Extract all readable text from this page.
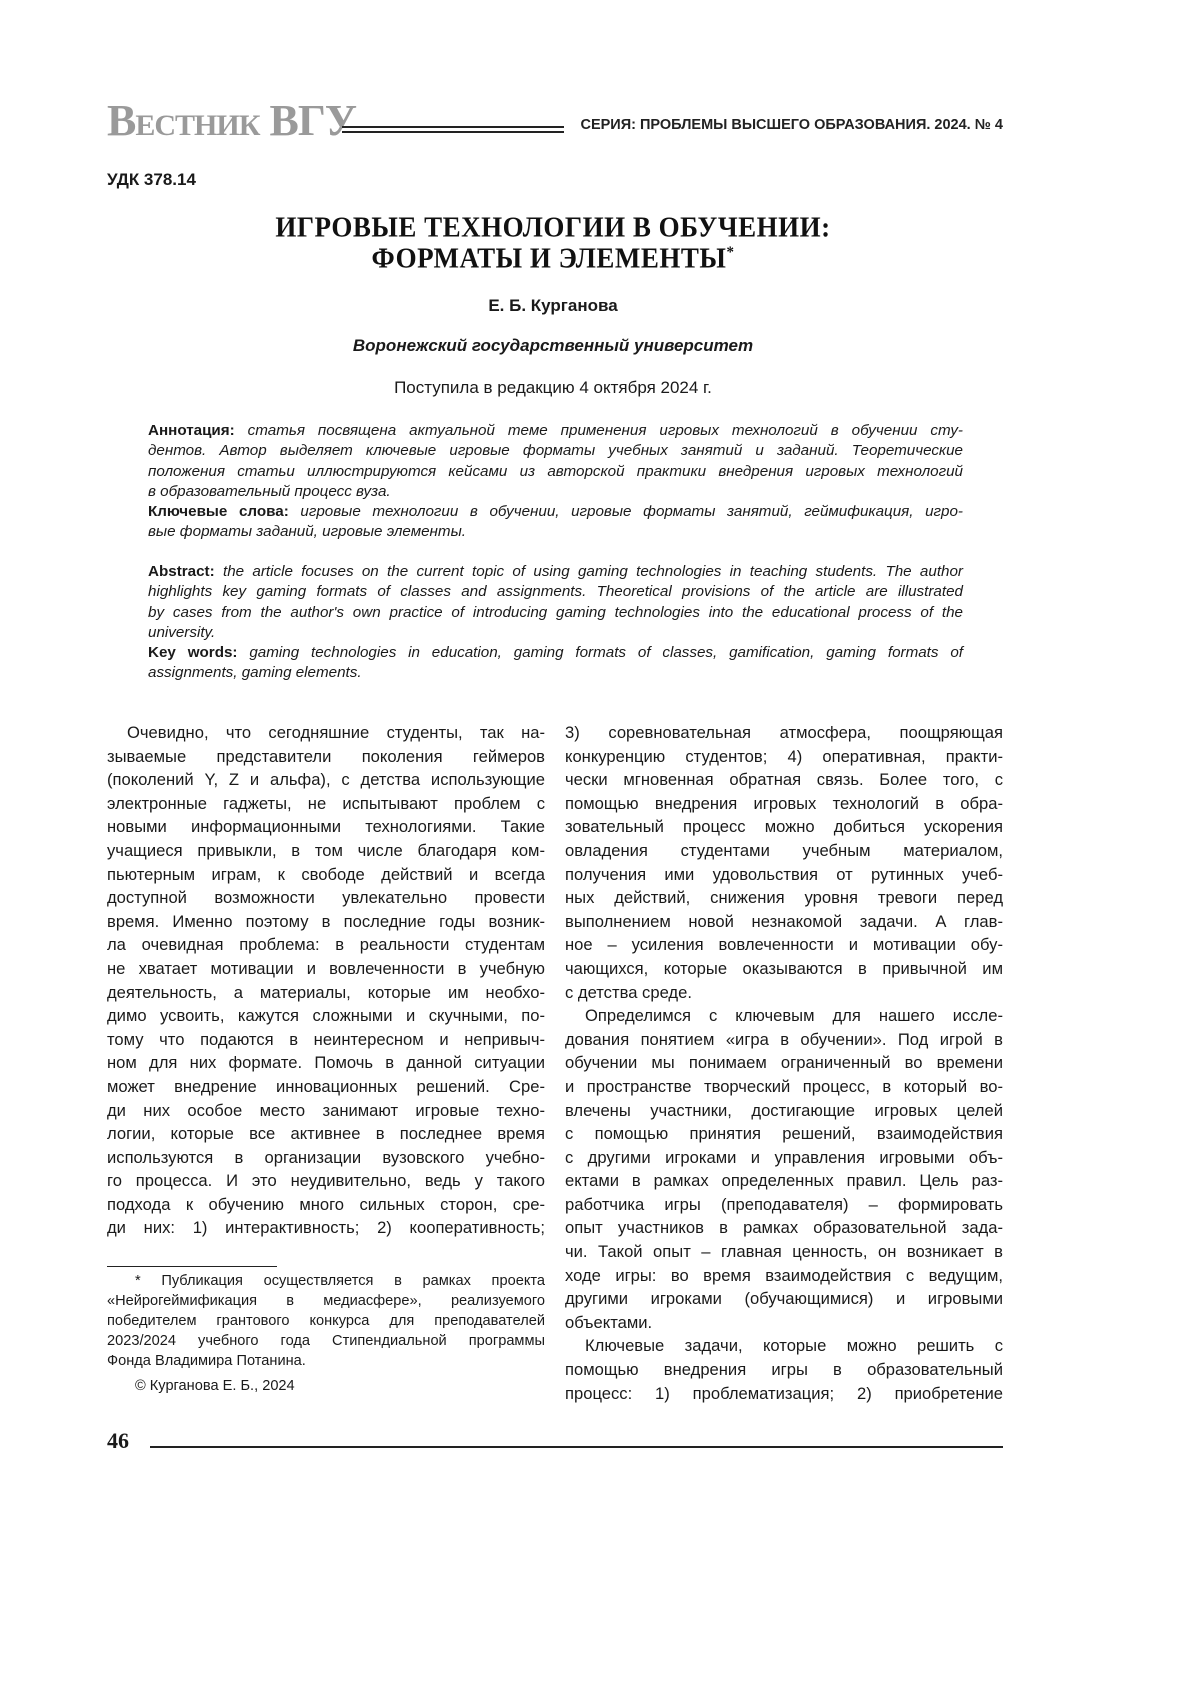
ВЕСТНИК ВГУ	СЕРИЯ: ПРОБЛЕМЫ ВЫСШЕГО ОБРАЗОВАНИЯ. 2024. № 4
УДК 378.14
ИГРОВЫЕ ТЕХНОЛОГИИ В ОБУЧЕНИИ:
ФОРМАТЫ И ЭЛЕМЕНТЫ*
Е. Б. Курганова
Воронежский государственный университет
Поступила в редакцию 4 октября 2024 г.
Аннотация: статья посвящена актуальной теме применения игровых технологий в обучении сту-
дентов. Автор выделяет ключевые игровые форматы учебных занятий и заданий. Теоретические
положения статьи иллюстрируются кейсами из авторской практики внедрения игровых технологий
в образовательный процесс вуза.
Ключевые слова: игровые технологии в обучении, игровые форматы занятий, геймификация, игро-
вые форматы заданий, игровые элементы.
Abstract: the article focuses on the current topic of using gaming technologies in teaching students. The author
highlights key gaming formats of classes and assignments. Theoretical provisions of the article are illustrated
by cases from the author's own practice of introducing gaming technologies into the educational process of the
university.
Key words: gaming technologies in education, gaming formats of classes, gamification, gaming formats of
assignments, gaming elements.
Очевидно, что сегодняшние студенты, так на-
зываемые представители поколения геймеров
(поколений Y, Z и альфа), с детства использующие
электронные гаджеты, не испытывают проблем с
новыми информационными технологиями. Такие
учащиеся привыкли, в том числе благодаря ком-
пьютерным играм, к свободе действий и всегда
доступной возможности увлекательно провести
время. Именно поэтому в последние годы возник-
ла очевидная проблема: в реальности студентам
не хватает мотивации и вовлеченности в учебную
деятельность, а материалы, которые им необхо-
димо усвоить, кажутся сложными и скучными, по-
тому что подаются в неинтересном и непривыч-
ном для них формате. Помочь в данной ситуации
может внедрение инновационных решений. Сре-
ди них особое место занимают игровые техно-
логии, которые все активнее в последнее время
используются в организации вузовского учебно-
го процесса. И это неудивительно, ведь у такого
подхода к обучению много сильных сторон, сре-
ди них: 1) интерактивность; 2) кооперативность;
3) соревновательная атмосфера, поощряющая
конкуренцию студентов; 4) оперативная, практи-
чески мгновенная обратная связь. Более того, с
помощью внедрения игровых технологий в обра-
зовательный процесс можно добиться ускорения
овладения студентами учебным материалом,
получения ими удовольствия от рутинных учеб-
ных действий, снижения уровня тревоги перед
выполнением новой незнакомой задачи. А глав-
ное – усиления вовлеченности и мотивации обу-
чающихся, которые оказываются в привычной им
с детства среде.
Определимся с ключевым для нашего иссле-
дования понятием «игра в обучении». Под игрой в
обучении мы понимаем ограниченный во времени
и пространстве творческий процесс, в который во-
влечены участники, достигающие игровых целей
с помощью принятия решений, взаимодействия
с другими игроками и управления игровыми объ-
ектами в рамках определенных правил. Цель раз-
работчика игры (преподавателя) – формировать
опыт участников в рамках образовательной зада-
чи. Такой опыт – главная ценность, он возникает в
ходе игры: во время взаимодействия с ведущим,
другими игроками (обучающимися) и игровыми
объектами.
Ключевые задачи, которые можно решить с
помощью внедрения игры в образовательный
процесс: 1) проблематизация; 2) приобретение
* Публикация осуществляется в рамках проекта
«Нейрогеймификация в медиасфере», реализуемого
победителем грантового конкурса для преподавателей
2023/2024 учебного года Стипендиальной программы
Фонда Владимира Потанина.
© Курганова Е. Б., 2024
46
